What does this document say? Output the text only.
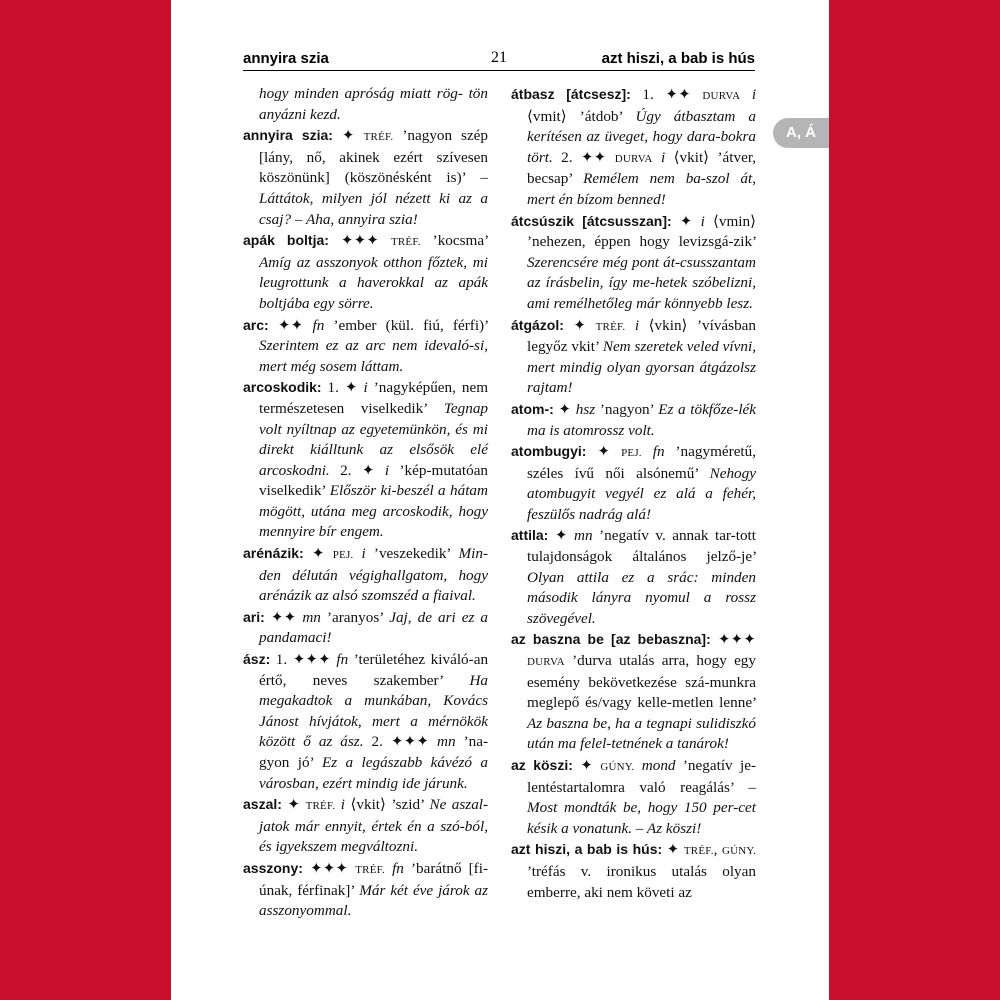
annyira szia	21	azt hiszi, a bab is hús

hogy minden apróság miatt rög- tön anyázni kezd.

annyira szia: ✦ TRÉF. ’nagyon szép [lány, nő, akinek ezért szívesen köszönünk] (köszönésként is)’ – Láttátok, milyen jól nézett ki az a csaj? – Aha, annyira szia!

apák boltja: ✦✦✦ TRÉF. ’kocsma’ Amíg az asszonyok otthon főztek, mi leugrottunk a haverokkal az apák boltjába egy sörre.

arc: ✦✦ fn ’ember (kül. fiú, férfi)’ Szerintem ez az arc nem idevaló-si, mert még sosem láttam.

arcoskodik: 1. ✦ i ’nagyképűen, nem természetesen viselkedik’ Tegnap volt nyíltnap az egyetemünkön, és mi direkt kiálltunk az elsősök elé arcoskodni. 2. ✦ i ’kép-mutatóan viselkedik’ Először ki-beszél a hátam mögött, utána meg arcoskodik, hogy mennyire bír engem.

arénázik: ✦ PEJ. i ’veszekedik’ Min-den délután végighallgatom, hogy arénázik az alsó szomszéd a fiaival.

ari: ✦✦ mn ’aranyos’ Jaj, de ari ez a pandamaci!

ász: 1. ✦✦✦ fn ’területéhez kiváló-an értő, neves szakember’ Ha megakadtok a munkában, Kovács Jánost hívjátok, mert a mérnökök között ő az ász. 2. ✦✦✦ mn ’na-gyon jó’ Ez a legászabb kávézó a városban, ezért mindig ide járunk.

aszal: ✦ TRÉF. i ⟨vkit⟩ ’szid’ Ne aszal-jatok már ennyit, értek én a szó-ból, és igyekszem megváltozni.

asszony: ✦✦✦ TRÉF. fn ’barátnő [fi-únak, férfinak]’ Már két éve járok az asszonyommal.

átbasz [átcsesz]: 1. ✦✦ DURVA i ⟨vmit⟩ ’átdob’ Úgy átbasztam a kerítésen az üveget, hogy dara-bokra tört. 2. ✦✦ DURVA i ⟨vkit⟩ ’átver, becsap’ Remélem nem ba-szol át, mert én bízom benned!

átcsúszik [átcsusszan]: ✦ i ⟨vmin⟩ ’nehezen, éppen hogy levizsgá-zik’ Szerencsére még pont át-csusszantam az írásbelin, így me-hetek szóbelizni, ami remélhetőleg már könnyebb lesz.

átgázol: ✦ TRÉF. i ⟨vkin⟩ ’vívásban legyőz vkit’ Nem szeretek veled vívni, mert mindig olyan gyorsan átgázolsz rajtam!

atom-: ✦ hsz ’nagyon’ Ez a tökfőze-lék ma is atomrossz volt.

atombugyi: ✦ PEJ. fn ’nagyméretű, széles ívű női alsónemű’ Nehogy atombugyit vegyél ez alá a fehér, feszülős nadrág alá!

attila: ✦ mn ’negatív v. annak tar-tott tulajdonságok általános jelző-je’ Olyan attila ez a srác: minden második lányra nyomul a rossz szövegével.

az baszna be [az bebaszna]: ✦✦✦ DURVA ’durva utalás arra, hogy egy esemény bekövetkezése szá-munkra meglepő és/vagy kelle-metlen lenne’ Az baszna be, ha a tegnapi sulidiszkó után ma felel-tetnének a tanárok!

az köszi: ✦ GÚNY. mond ’negatív je-lentéstartalomra való reagálás’ – Most mondták be, hogy 150 per-cet késik a vonatunk. – Az köszi!

azt hiszi, a bab is hús: ✦ TRÉF., GÚNY. ’tréfás v. ironikus utalás olyan emberre, aki nem követi az

A, Á
